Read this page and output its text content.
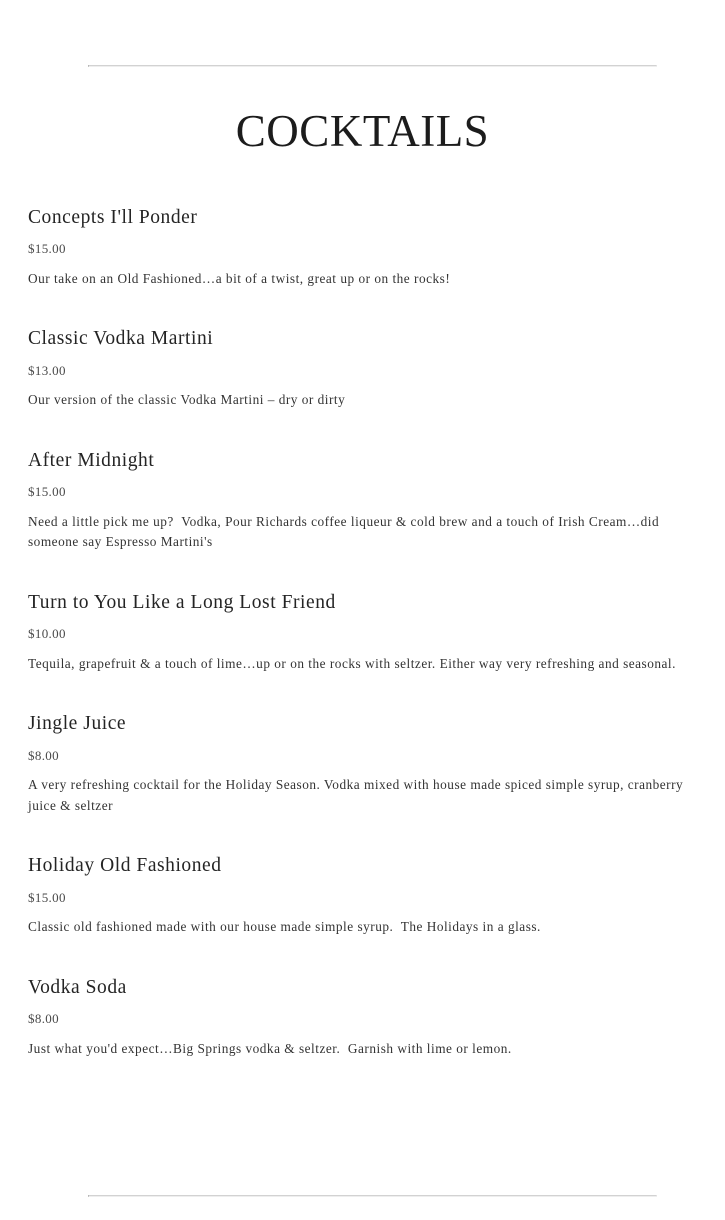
COCKTAILS
Concepts I'll Ponder
$15.00

Our take on an Old Fashioned…a bit of a twist, great up or on the rocks!

Classic Vodka Martini
$13.00

Our version of the classic Vodka Martini – dry or dirty

After Midnight
$15.00

Need a little pick me up?  Vodka, Pour Richards coffee liqueur & cold brew and a touch of Irish Cream…did someone say Espresso Martini's

Turn to You Like a Long Lost Friend
$10.00

Tequila, grapefruit & a touch of lime…up or on the rocks with seltzer. Either way very refreshing and seasonal.

Jingle Juice
$8.00

A very refreshing cocktail for the Holiday Season. Vodka mixed with house made spiced simple syrup, cranberry juice & seltzer

Holiday Old Fashioned
$15.00

Classic old fashioned made with our house made simple syrup.  The Holidays in a glass.

Vodka Soda
$8.00

Just what you'd expect…Big Springs vodka & seltzer.  Garnish with lime or lemon.
